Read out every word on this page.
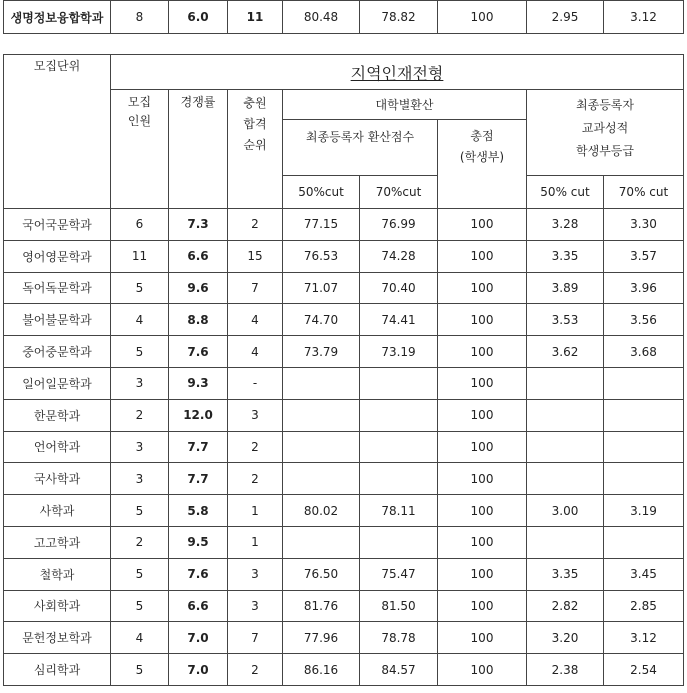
생명정보융합학과	8	6.0	11	80.48	78.82	100	2.95	3.12
모집단위	지역인재전형							
	모집
인원	경쟁률	충원
합격
순위	대학별환산			최종등록자
교과성적
학생부등급	
				최종등록자 환산점수		총점
(학생부)		
				50%cut	70%cut		50% cut	70% cut
국어국문학과	6	7.3	2	77.15	76.99	100	3.28	3.30
영어영문학과	11	6.6	15	76.53	74.28	100	3.35	3.57
독어독문학과	5	9.6	7	71.07	70.40	100	3.89	3.96
불어불문학과	4	8.8	4	74.70	74.41	100	3.53	3.56
중어중문학과	5	7.6	4	73.79	73.19	100	3.62	3.68
일어일문학과	3	9.3	-			100		
한문학과	2	12.0	3			100		
언어학과	3	7.7	2			100		
국사학과	3	7.7	2			100		
사학과	5	5.8	1	80.02	78.11	100	3.00	3.19
고고학과	2	9.5	1			100		
철학과	5	7.6	3	76.50	75.47	100	3.35	3.45
사회학과	5	6.6	3	81.76	81.50	100	2.82	2.85
문헌정보학과	4	7.0	7	77.96	78.78	100	3.20	3.12
심리학과	5	7.0	2	86.16	84.57	100	2.38	2.54
